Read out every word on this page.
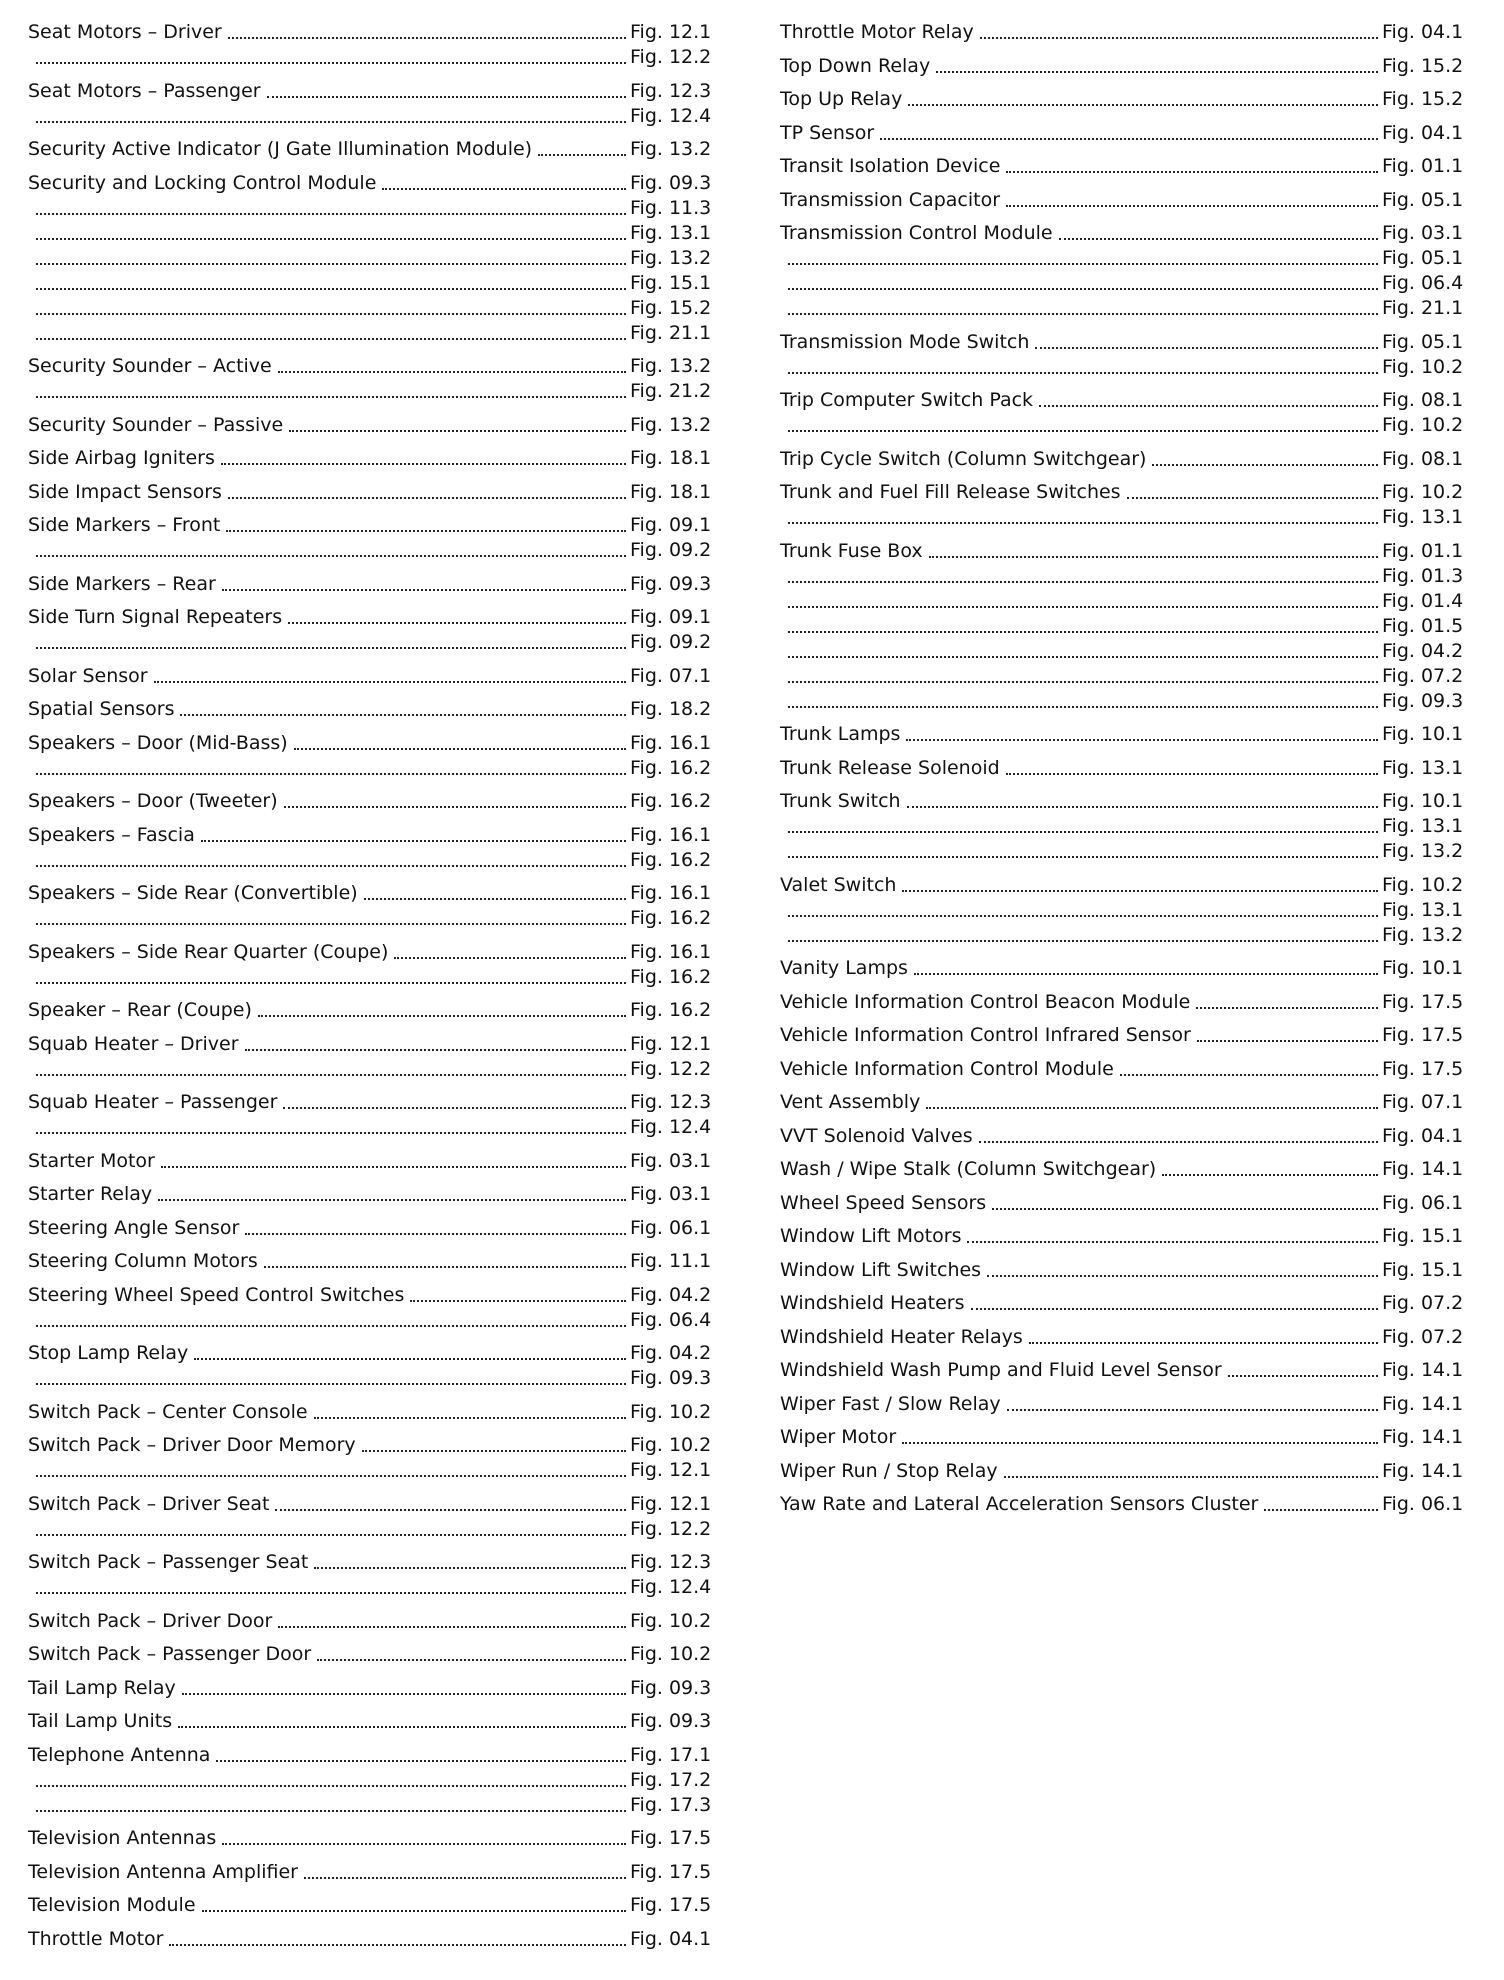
Seat Motors – Driver	Fig. 12.1
Fig. 12.2
Seat Motors – Passenger	Fig. 12.3
Fig. 12.4
Security Active Indicator (J Gate Illumination Module)	Fig. 13.2
Security and Locking Control Module	Fig. 09.3
Fig. 11.3
Fig. 13.1
Fig. 13.2
Fig. 15.1
Fig. 15.2
Fig. 21.1
Security Sounder – Active	Fig. 13.2
Fig. 21.2
Security Sounder – Passive	Fig. 13.2
Side Airbag Igniters	Fig. 18.1
Side Impact Sensors	Fig. 18.1
Side Markers – Front	Fig. 09.1
Fig. 09.2
Side Markers – Rear	Fig. 09.3
Side Turn Signal Repeaters	Fig. 09.1
Fig. 09.2
Solar Sensor	Fig. 07.1
Spatial Sensors	Fig. 18.2
Speakers – Door (Mid-Bass)	Fig. 16.1
Fig. 16.2
Speakers – Door (Tweeter)	Fig. 16.2
Speakers – Fascia	Fig. 16.1
Fig. 16.2
Speakers – Side Rear (Convertible)	Fig. 16.1
Fig. 16.2
Speakers – Side Rear Quarter (Coupe)	Fig. 16.1
Fig. 16.2
Speaker – Rear (Coupe)	Fig. 16.2
Squab Heater – Driver	Fig. 12.1
Fig. 12.2
Squab Heater – Passenger	Fig. 12.3
Fig. 12.4
Starter Motor	Fig. 03.1
Starter Relay	Fig. 03.1
Steering Angle Sensor	Fig. 06.1
Steering Column Motors	Fig. 11.1
Steering Wheel Speed Control Switches	Fig. 04.2
Fig. 06.4
Stop Lamp Relay	Fig. 04.2
Fig. 09.3
Switch Pack – Center Console	Fig. 10.2
Switch Pack – Driver Door Memory	Fig. 10.2
Fig. 12.1
Switch Pack – Driver Seat	Fig. 12.1
Fig. 12.2
Switch Pack – Passenger Seat	Fig. 12.3
Fig. 12.4
Switch Pack – Driver Door	Fig. 10.2
Switch Pack – Passenger Door	Fig. 10.2
Tail Lamp Relay	Fig. 09.3
Tail Lamp Units	Fig. 09.3
Telephone Antenna	Fig. 17.1
Fig. 17.2
Fig. 17.3
Television Antennas	Fig. 17.5
Television Antenna Amplifier	Fig. 17.5
Television Module	Fig. 17.5
Throttle Motor	Fig. 04.1
Throttle Motor Relay	Fig. 04.1
Top Down Relay	Fig. 15.2
Top Up Relay	Fig. 15.2
TP Sensor	Fig. 04.1
Transit Isolation Device	Fig. 01.1
Transmission Capacitor	Fig. 05.1
Transmission Control Module	Fig. 03.1
Fig. 05.1
Fig. 06.4
Fig. 21.1
Transmission Mode Switch	Fig. 05.1
Fig. 10.2
Trip Computer Switch Pack	Fig. 08.1
Fig. 10.2
Trip Cycle Switch (Column Switchgear)	Fig. 08.1
Trunk and Fuel Fill Release Switches	Fig. 10.2
Fig. 13.1
Trunk Fuse Box	Fig. 01.1
Fig. 01.3
Fig. 01.4
Fig. 01.5
Fig. 04.2
Fig. 07.2
Fig. 09.3
Trunk Lamps	Fig. 10.1
Trunk Release Solenoid	Fig. 13.1
Trunk Switch	Fig. 10.1
Fig. 13.1
Fig. 13.2
Valet Switch	Fig. 10.2
Fig. 13.1
Fig. 13.2
Vanity Lamps	Fig. 10.1
Vehicle Information Control Beacon Module	Fig. 17.5
Vehicle Information Control Infrared Sensor	Fig. 17.5
Vehicle Information Control Module	Fig. 17.5
Vent Assembly	Fig. 07.1
VVT Solenoid Valves	Fig. 04.1
Wash / Wipe Stalk (Column Switchgear)	Fig. 14.1
Wheel Speed Sensors	Fig. 06.1
Window Lift Motors	Fig. 15.1
Window Lift Switches	Fig. 15.1
Windshield Heaters	Fig. 07.2
Windshield Heater Relays	Fig. 07.2
Windshield Wash Pump and Fluid Level Sensor	Fig. 14.1
Wiper Fast / Slow Relay	Fig. 14.1
Wiper Motor	Fig. 14.1
Wiper Run / Stop Relay	Fig. 14.1
Yaw Rate and Lateral Acceleration Sensors Cluster	Fig. 06.1
